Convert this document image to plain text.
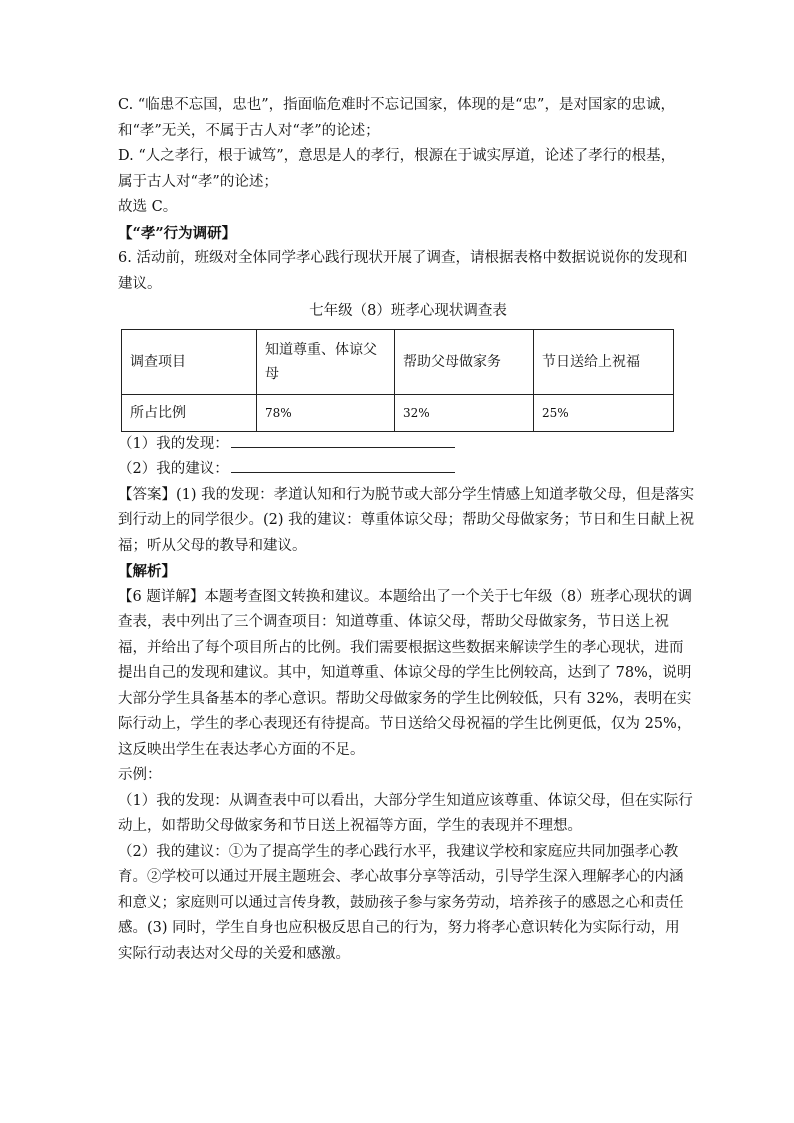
C. “临患不忘国，忠也”，指面临危难时不忘记国家，体现的是“忠”，是对国家的忠诚，
和“孝”无关，不属于古人对“孝”的论述；
D. “人之孝行，根于诚笃”，意思是人的孝行，根源在于诚实厚道，论述了孝行的根基，
属于古人对“孝”的论述；
故选 C。
【“孝”行为调研】
6. 活动前，班级对全体同学孝心践行现状开展了调查，请根据表格中数据说说你的发现和
建议。
七年级（8）班孝心现状调查表
调查项目	知道尊重、体谅父
母	帮助父母做家务	节日送给上祝福
所占比例	78%	32%	25%
（1）我的发现：
（2）我的建议：
【答案】(1) 我的发现：孝道认知和行为脱节或大部分学生情感上知道孝敬父母，但是落实
到行动上的同学很少。(2) 我的建议：尊重体谅父母；帮助父母做家务；节日和生日献上祝
福；听从父母的教导和建议。
【解析】
【6 题详解】本题考查图文转换和建议。本题给出了一个关于七年级（8）班孝心现状的调
查表，表中列出了三个调查项目：知道尊重、体谅父母，帮助父母做家务，节日送上祝
福，并给出了每个项目所占的比例。我们需要根据这些数据来解读学生的孝心现状，进而
提出自己的发现和建议。其中，知道尊重、体谅父母的学生比例较高，达到了 78%，说明
大部分学生具备基本的孝心意识。帮助父母做家务的学生比例较低，只有 32%，表明在实
际行动上，学生的孝心表现还有待提高。节日送给父母祝福的学生比例更低，仅为 25%，
这反映出学生在表达孝心方面的不足。
示例：
（1）我的发现：从调查表中可以看出，大部分学生知道应该尊重、体谅父母，但在实际行
动上，如帮助父母做家务和节日送上祝福等方面，学生的表现并不理想。
（2）我的建议：①为了提高学生的孝心践行水平，我建议学校和家庭应共同加强孝心教
育。②学校可以通过开展主题班会、孝心故事分享等活动，引导学生深入理解孝心的内涵
和意义；家庭则可以通过言传身教，鼓励孩子参与家务劳动，培养孩子的感恩之心和责任
感。(3) 同时，学生自身也应积极反思自己的行为，努力将孝心意识转化为实际行动，用
实际行动表达对父母的关爱和感激。
